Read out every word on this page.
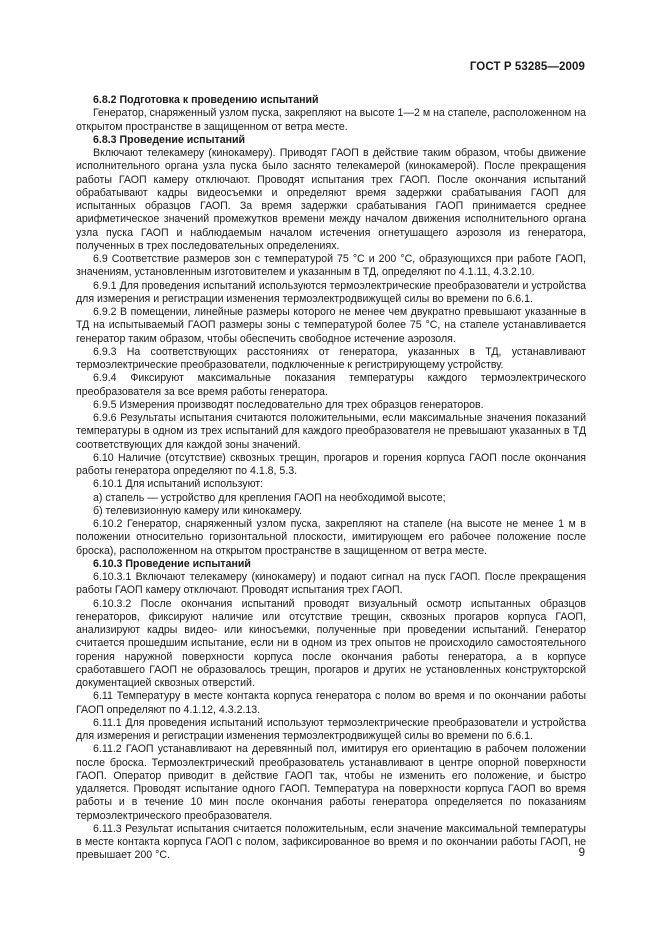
ГОСТ Р 53285—2009

6.8.2 Подготовка к проведению испытаний

Генератор, снаряженный узлом пуска, закрепляют на высоте 1—2 м на стапеле, расположенном на открытом пространстве в защищенном от ветра месте.

6.8.3 Проведение испытаний

Включают телекамеру (кинокамеру). Приводят ГАОП в действие таким образом, чтобы движение исполнительного органа узла пуска было заснято телекамерой (кинокамерой). После прекращения работы ГАОП камеру отключают. Проводят испытания трех ГАОП. После окончания испытаний обрабатывают кадры видеосъемки и определяют время задержки срабатывания ГАОП для испытанных образцов ГАОП. За время задержки срабатывания ГАОП принимается среднее арифметическое значений промежутков времени между началом движения исполнительного органа узла пуска ГАОП и наблюдаемым началом истечения огнетушащего аэрозоля из генератора, полученных в трех последовательных определениях.

6.9 Соответствие размеров зон с температурой 75 °С и 200 °С, образующихся при работе ГАОП, значениям, установленным изготовителем и указанным в ТД, определяют по 4.1.11, 4.3.2.10.

6.9.1 Для проведения испытаний используются термоэлектрические преобразователи и устройства для измерения и регистрации изменения термоэлектродвижущей силы во времени по 6.6.1.

6.9.2 В помещении, линейные размеры которого не менее чем двукратно превышают указанные в ТД на испытываемый ГАОП размеры зоны с температурой более 75 °С, на стапеле устанавливается генератор таким образом, чтобы обеспечить свободное истечение аэрозоля.

6.9.3 На соответствующих расстояниях от генератора, указанных в ТД, устанавливают термоэлектрические преобразователи, подключенные к регистрирующему устройству.

6.9.4 Фиксируют максимальные показания температуры каждого термоэлектрического преобразователя за все время работы генератора.

6.9.5 Измерения производят последовательно для трех образцов генераторов.

6.9.6 Результаты испытания считаются положительными, если максимальные значения показаний температуры в одном из трех испытаний для каждого преобразователя не превышают указанных в ТД соответствующих для каждой зоны значений.

6.10 Наличие (отсутствие) сквозных трещин, прогаров и горения корпуса ГАОП после окончания работы генератора определяют по 4.1.8, 5.3.

6.10.1 Для испытаний используют:

а) стапель — устройство для крепления ГАОП на необходимой высоте;

б) телевизионную камеру или кинокамеру.

6.10.2 Генератор, снаряженный узлом пуска, закрепляют на стапеле (на высоте не менее 1 м в положении относительно горизонтальной плоскости, имитирующем его рабочее положение после броска), расположенном на открытом пространстве в защищенном от ветра месте.

6.10.3 Проведение испытаний

6.10.3.1 Включают телекамеру (кинокамеру) и подают сигнал на пуск ГАОП. После прекращения работы ГАОП камеру отключают. Проводят испытания трех ГАОП.

6.10.3.2 После окончания испытаний проводят визуальный осмотр испытанных образцов генераторов, фиксируют наличие или отсутствие трещин, сквозных прогаров корпуса ГАОП, анализируют кадры видео- или киносъемки, полученные при проведении испытаний. Генератор считается прошедшим испытание, если ни в одном из трех опытов не происходило самостоятельного горения наружной поверхности корпуса после окончания работы генератора, а в корпусе сработавшего ГАОП не образовалось трещин, прогаров и других не установленных конструкторской документацией сквозных отверстий.

6.11 Температуру в месте контакта корпуса генератора с полом во время и по окончании работы ГАОП определяют по 4.1.12, 4.3.2.13.

6.11.1 Для проведения испытаний используют термоэлектрические преобразователи и устройства для измерения и регистрации изменения термоэлектродвижущей силы во времени по 6.6.1.

6.11.2 ГАОП устанавливают на деревянный пол, имитируя его ориентацию в рабочем положении после броска. Термоэлектрический преобразователь устанавливают в центре опорной поверхности ГАОП. Оператор приводит в действие ГАОП так, чтобы не изменить его положение, и быстро удаляется. Проводят испытание одного ГАОП. Температура на поверхности корпуса ГАОП во время работы и в течение 10 мин после окончания работы генератора определяется по показаниям термоэлектрического преобразователя.

6.11.3 Результат испытания считается положительным, если значение максимальной температуры в месте контакта корпуса ГАОП с полом, зафиксированное во время и по окончании работы ГАОП, не превышает 200 °С.	9
